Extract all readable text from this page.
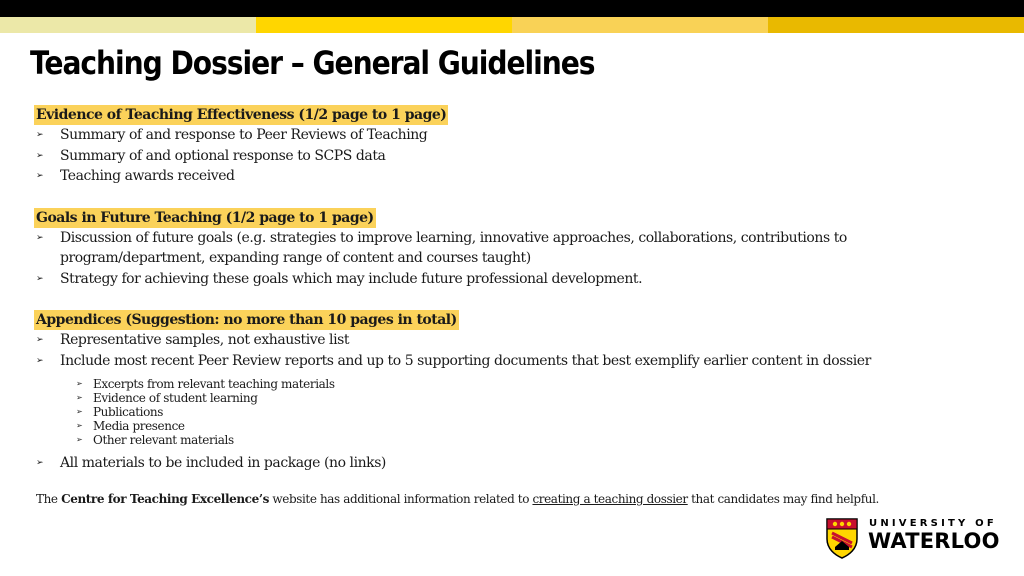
Teaching Dossier – General Guidelines
Evidence of Teaching Effectiveness (1/2 page to 1 page)
➢ Summary of and response to Peer Reviews of Teaching
➢ Summary of and optional response to SCPS data
➢ Teaching awards received
Goals in Future Teaching (1/2 page to 1 page)
➢ Discussion of future goals (e.g. strategies to improve learning, innovative approaches, collaborations, contributions to program/department, expanding range of content and courses taught)
➢ Strategy for achieving these goals which may include future professional development.
Appendices (Suggestion: no more than 10 pages in total)
➢ Representative samples, not exhaustive list
➢ Include most recent Peer Review reports and up to 5 supporting documents that best exemplify earlier content in dossier
➢ Excerpts from relevant teaching materials
➢ Evidence of student learning
➢ Publications
➢ Media presence
➢ Other relevant materials
➢ All materials to be included in package (no links)

The Centre for Teaching Excellence’s website has additional information related to creating a teaching dossier that candidates may find helpful.

UNIVERSITY OF
WATERLOO
